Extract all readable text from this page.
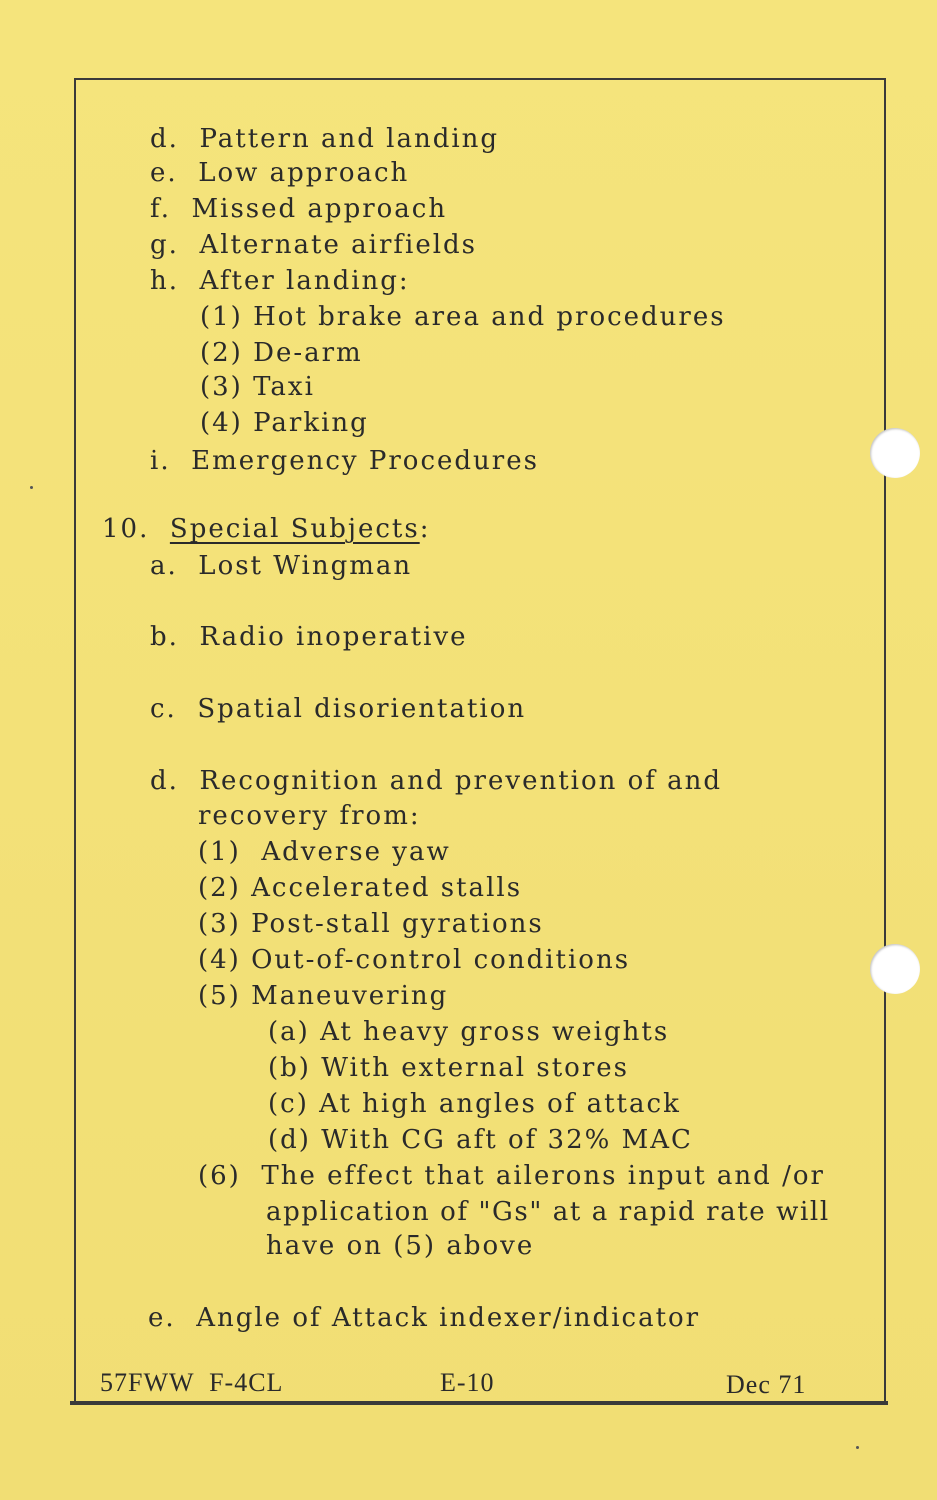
d. Pattern and landing
e. Low approach
f. Missed approach
g. Alternate airfields
h. After landing:
(1) Hot brake area and procedures
(2) De-arm
(3) Taxi
(4) Parking
i. Emergency Procedures
10. Special Subjects:
a. Lost Wingman
b. Radio inoperative
c. Spatial disorientation
d. Recognition and prevention of and
recovery from:
(1) Adverse yaw
(2) Accelerated stalls
(3) Post-stall gyrations
(4) Out-of-control conditions
(5) Maneuvering
(a) At heavy gross weights
(b) With external stores
(c) At high angles of attack
(d) With CG aft of 32% MAC
(6) The effect that ailerons input and /or
application of "Gs" at a rapid rate will
have on (5) above
e. Angle of Attack indexer/indicator
57FWW  F-4CL	E-10	Dec 71
